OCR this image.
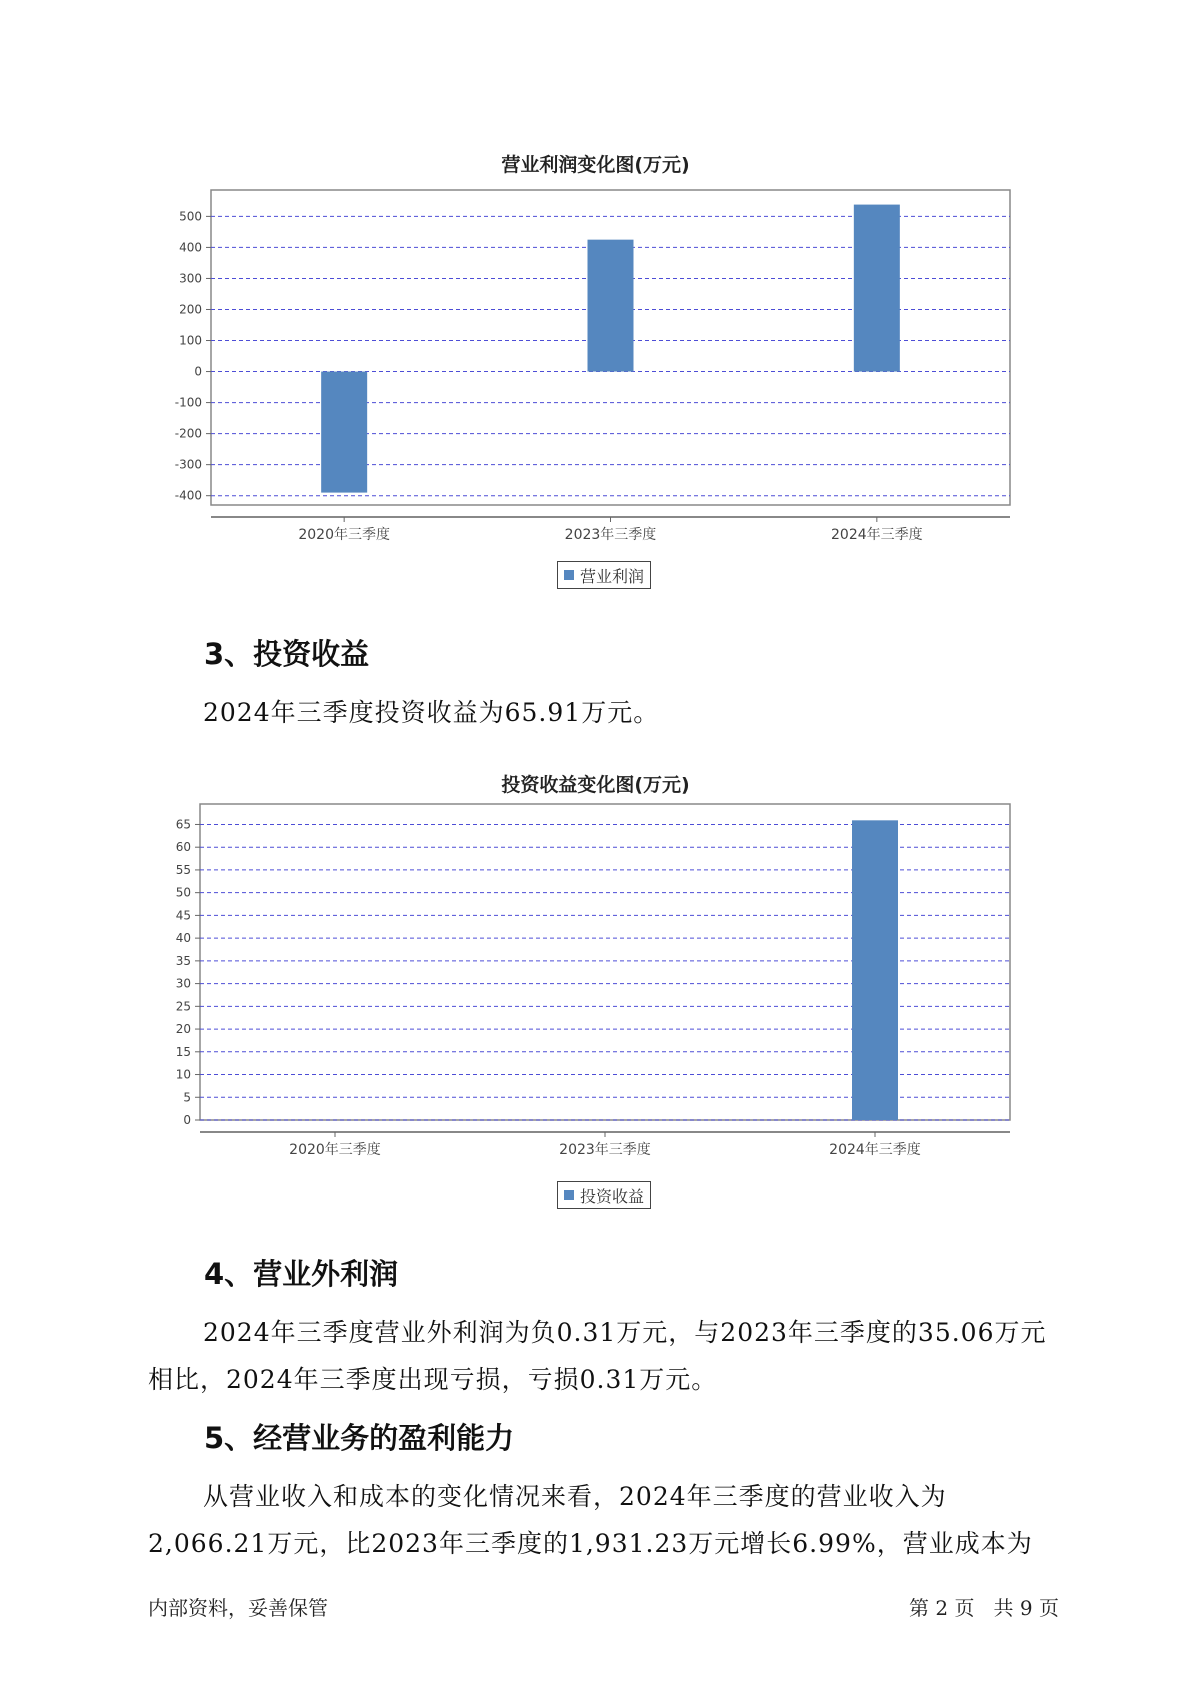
营业利润变化图(万元)
500
400
300
200
100
0
-100
-200
-300
-400
2020年三季度	2023年三季度	2024年三季度
营业利润
3、投资收益
2024年三季度投资收益为65.91万元。
投资收益变化图(万元)
65
60
55
50
45
40
35
30
25
20
15
10
5
0
2020年三季度	2023年三季度	2024年三季度
投资收益
4、营业外利润
2024年三季度营业外利润为负0.31万元，与2023年三季度的35.06万元
相比，2024年三季度出现亏损，亏损0.31万元。
5、经营业务的盈利能力
从营业收入和成本的变化情况来看，2024年三季度的营业收入为
2,066.21万元，比2023年三季度的1,931.23万元增长6.99%，营业成本为
内部资料，妥善保管	第 2 页   共 9 页
